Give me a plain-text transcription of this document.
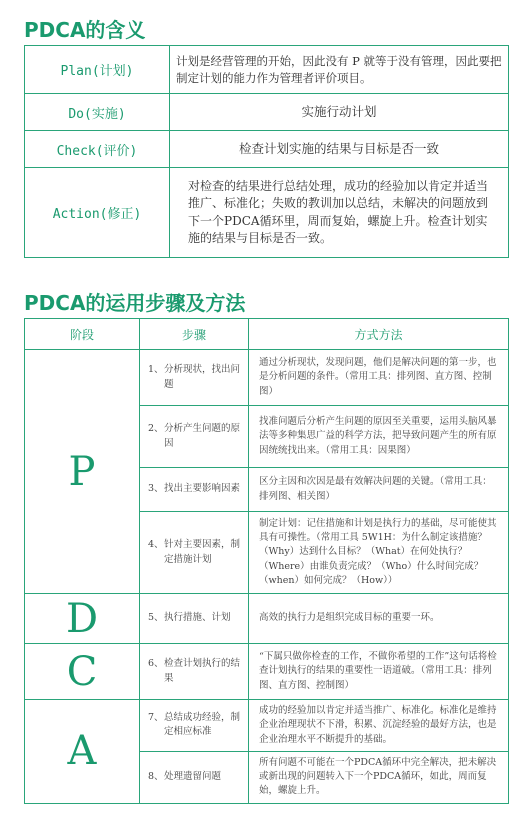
PDCA的含义
Plan(计划)	计划是经营管理的开始，因此没有 P 就等于没有管理，因此要把制定计划的能力作为管理者评价项目。
Do(实施)	实施行动计划
Check(评价)	检查计划实施的结果与目标是否一致
Action(修正)	对检查的结果进行总结处理，成功的经验加以肯定并适当推广、标准化；失败的教训加以总结，未解决的问题放到下一个PDCA循环里，周而复始，螺旋上升。检查计划实施的结果与目标是否一致。
PDCA的运用步骤及方法
阶段	步骤	方式方法
P	1、 分析现状，找出问题	通过分析现状，发现问题，他们是解决问题的第一步，也是分析问题的条件。（常用工具：排列图、直方图、控制图）

	2、 分析产生问题的原因	找准问题后分析产生问题的原因至关重要，运用头脑风暴法等多种集思广益的科学方法，把导致问题产生的所有原因统统找出来。（常用工具：因果图）

	3、 找出主要影响因素	区分主因和次因是最有效解决问题的关键。（常用工具：排列图、相关图）

	4、 针对主要因素，制定措施计划	制定计划：记住措施和计划是执行力的基础，尽可能使其具有可操性。（常用工具 5W1H：为什么制定该措施？（Why）达到什么目标？（What）在何处执行？（Where）由谁负责完成？（Who）什么时间完成？（when）如何完成？（How））
D	5、 执行措施、计划	高效的执行力是组织完成目标的重要一环。
C	6、 检查计划执行的结果	“下属只做你检查的工作，不做你希望的工作”这句话将检查计划执行的结果的重要性一语道破。（常用工具：排列图、直方图、控制图）
A	7、 总结成功经验，制定相应标准	成功的经验加以肯定并适当推广、标准化。标准化是维持企业治理现状不下滑，积累、沉淀经验的最好方法，也是企业治理水平不断提升的基础。

	8、 处理遗留问题	所有问题不可能在一个PDCA循环中完全解决，把未解决或新出现的问题转入下一个PDCA循环，如此，周而复始，螺旋上升。
